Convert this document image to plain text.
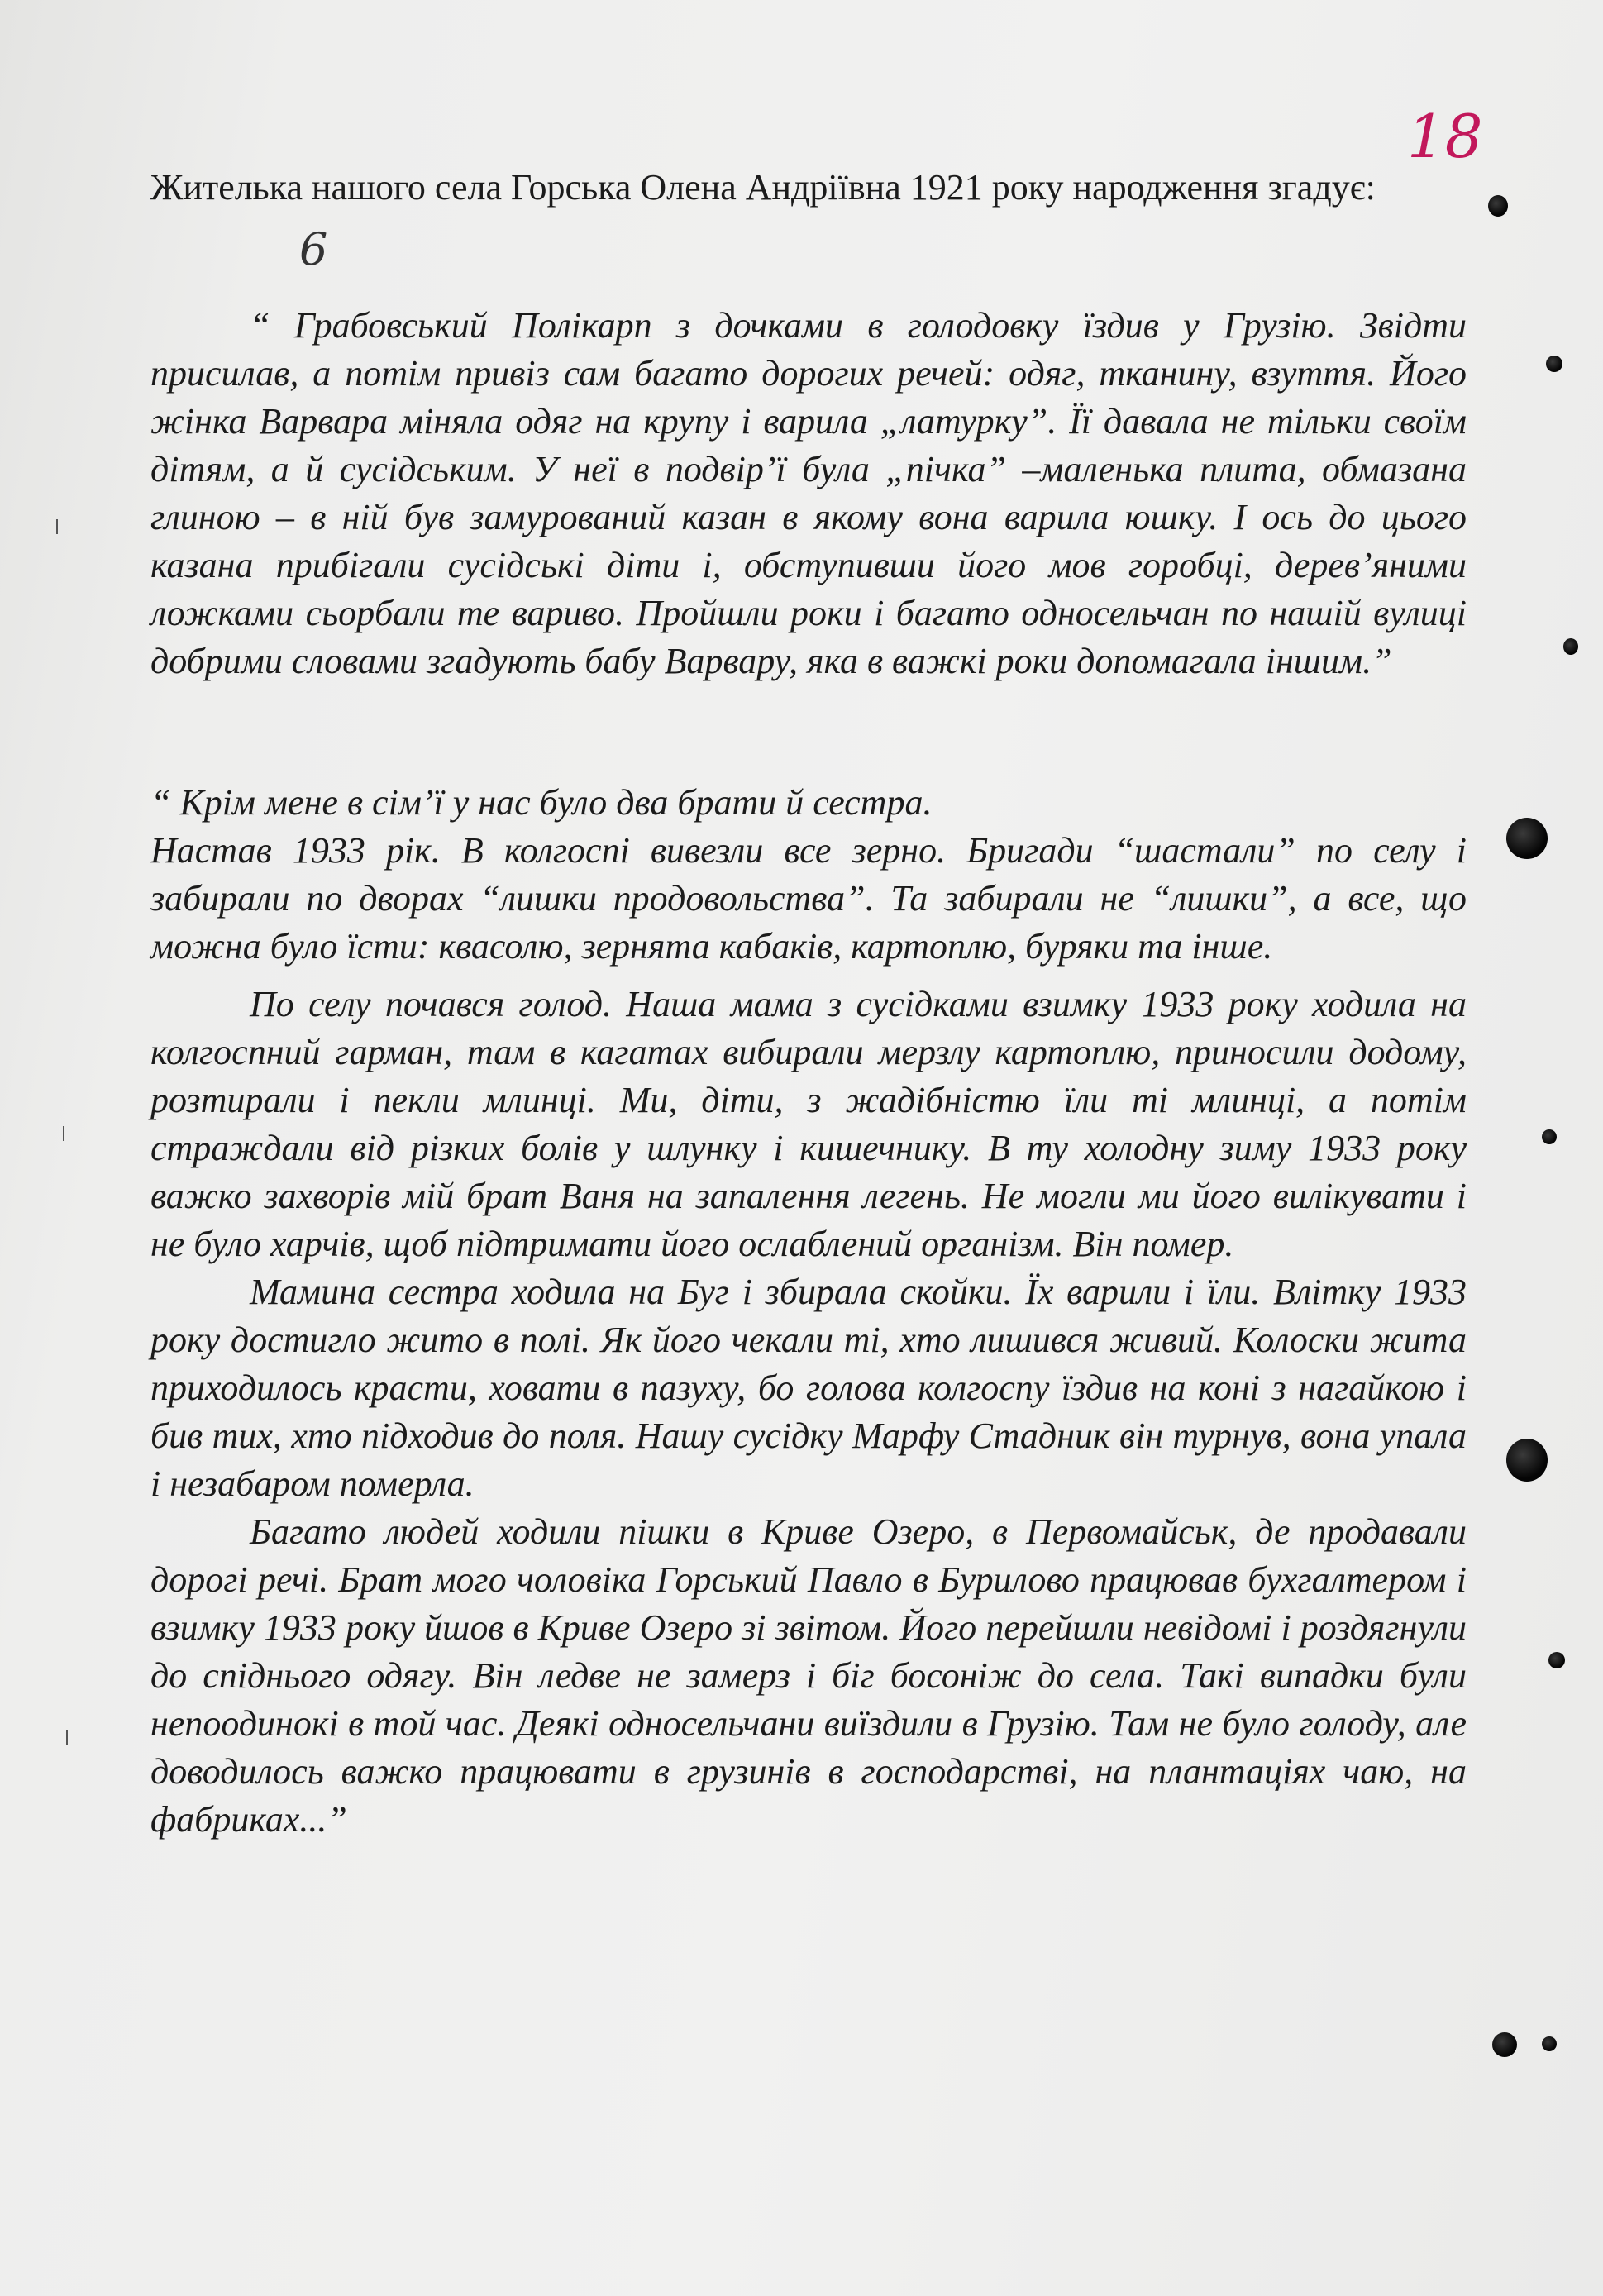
18

Жителька нашого села Горська Олена Андріївна 1921 року народження згадує:

6

“ Грабовський Полікарп з дочками в голодовку їздив у Грузію. Звідти присилав, а потім привіз сам багато дорогих речей: одяг, тканину, взуття. Його жінка Варвара міняла одяг на крупу і варила „латурку”. Її давала не тільки своїм дітям, а й сусідським. У неї в подвір’ї була „пічка” –маленька плита, обмазана глиною – в ній був замурований казан в якому вона варила юшку. І ось до цього казана прибігали сусідські діти і, обступивши його мов горобці, дерев’яними ложками сьорбали те вариво. Пройшли роки і багато односельчан по нашій вулиці добрими словами згадують бабу Варвару, яка в важкі роки допомагала іншим.”

“ Крім мене в сім’ї у нас було два брати й сестра.

Настав 1933 рік. В колгоспі вивезли все зерно. Бригади “шастали” по селу і забирали по дворах “лишки продовольства”. Та забирали не “лишки”, а все, що можна було їсти: квасолю, зернята кабаків, картоплю, буряки та інше.

По селу почався голод. Наша мама з сусідками взимку 1933 року ходила на колгоспний гарман, там в кагатах вибирали мерзлу картоплю, приносили додому, розтирали і пекли млинці. Ми, діти, з жадібністю їли ті млинці, а потім страждали від різких болів у шлунку і кишечнику. В ту холодну зиму 1933 року важко захворів мій брат Ваня на запалення легень. Не могли ми його вилікувати і не було харчів, щоб підтримати його ослаблений організм. Він помер.

Мамина сестра ходила на Буг і збирала скойки. Їх варили і їли. Влітку 1933 року достигло жито в полі. Як його чекали ті, хто лишився живий. Колоски жита приходилось красти, ховати в пазуху, бо голова колгоспу їздив на коні з нагайкою і бив тих, хто підходив до поля. Нашу сусідку Марфу Стадник він турнув, вона упала і незабаром померла.

Багато людей ходили пішки в Криве Озеро, в Первомайськ, де продавали дорогі речі. Брат мого чоловіка Горський Павло в Бурилово працював бухгалтером і взимку 1933 року йшов в Криве Озеро зі звітом. Його перейшли невідомі і роздягнули до спіднього одягу. Він ледве не замерз і біг босоніж до села. Такі випадки були непоодинокі в той час. Деякі односельчани виїздили в Грузію. Там не було голоду, але доводилось важко працювати в грузинів в господарстві, на плантаціях чаю, на фабриках...”
